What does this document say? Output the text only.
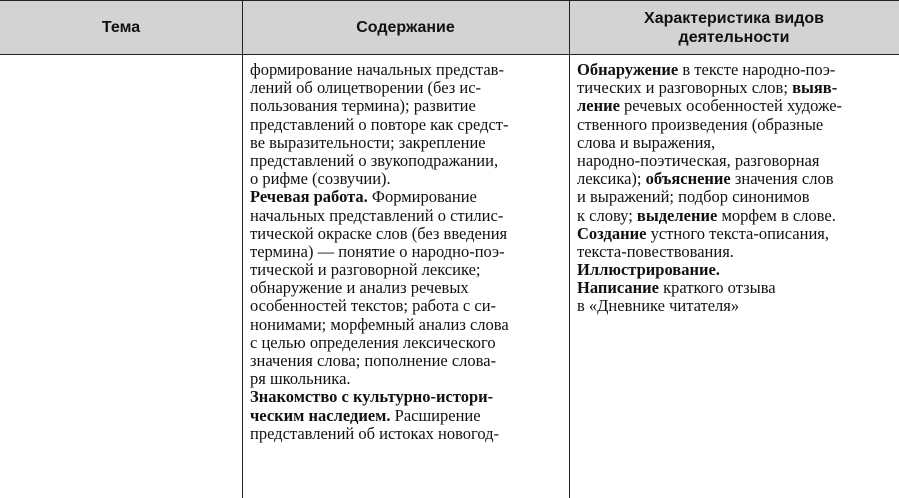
Тема	Содержание
Характеристика видов деятельности
формирование начальных представ-
лений об олицетворении (без ис-
пользования термина); развитие
представлений о повторе как средст-
ве выразительности; закрепление
представлений о звукоподражании,
о рифме (созвучии).
Речевая работа. Формирование
начальных представлений о стилис-
тической окраске слов (без введения
термина) — понятие о народно-поэ-
тической и разговорной лексике;
обнаружение и анализ речевых
особенностей текстов; работа с си-
нонимами; морфемный анализ слова
с целью определения лексического
значения слова; пополнение слова-
ря школьника.
Знакомство с культурно-истори-
ческим наследием. Расширение
представлений об истоках новогод-
Обнаружение в тексте народно-поэ-
тических и разговорных слов; выяв-
ление речевых особенностей художе-
ственного произведения (образные
слова и выражения,
народно-поэтическая, разговорная
лексика); объяснение значения слов
и выражений; подбор синонимов
к слову; выделение морфем в слове.
Создание устного текста-описания,
текста-повествования.
Иллюстрирование.
Написание краткого отзыва
в «Дневнике читателя»
